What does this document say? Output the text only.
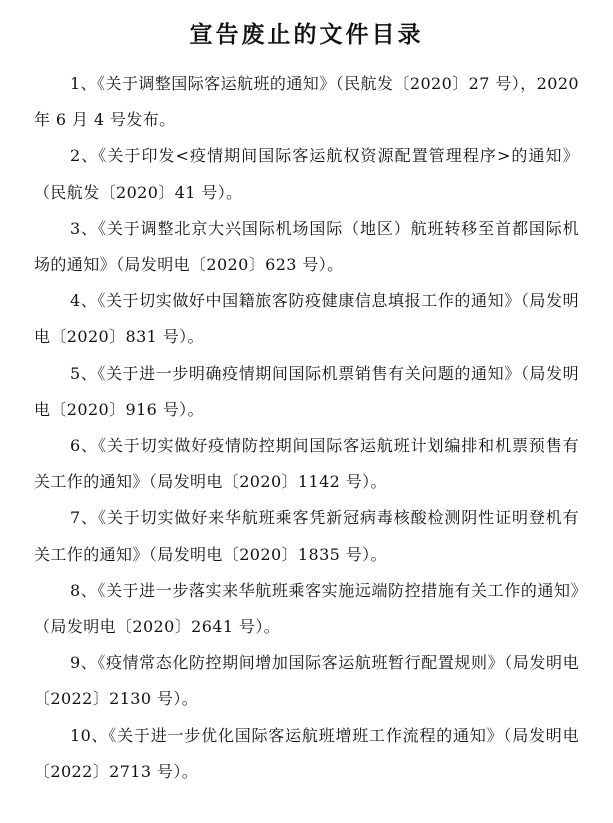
宣告废止的文件目录

1、《关于调整国际客运航班的通知》（民航发〔2020〕27 号），2020 年 6 月 4 号发布。

2、《关于印发<疫情期间国际客运航权资源配置管理程序>的通知》（民航发〔2020〕41 号）。

3、《关于调整北京大兴国际机场国际（地区）航班转移至首都国际机场的通知》（局发明电〔2020〕623 号）。

4、《关于切实做好中国籍旅客防疫健康信息填报工作的通知》（局发明电〔2020〕831 号）。

5、《关于进一步明确疫情期间国际机票销售有关问题的通知》（局发明电〔2020〕916 号）。

6、《关于切实做好疫情防控期间国际客运航班计划编排和机票预售有关工作的通知》（局发明电〔2020〕1142 号）。

7、《关于切实做好来华航班乘客凭新冠病毒核酸检测阴性证明登机有关工作的通知》（局发明电〔2020〕1835 号）。

8、《关于进一步落实来华航班乘客实施远端防控措施有关工作的通知》（局发明电〔2020〕2641 号）。

9、《疫情常态化防控期间增加国际客运航班暂行配置规则》（局发明电〔2022〕2130 号）。

10、《关于进一步优化国际客运航班增班工作流程的通知》（局发明电〔2022〕2713 号）。
